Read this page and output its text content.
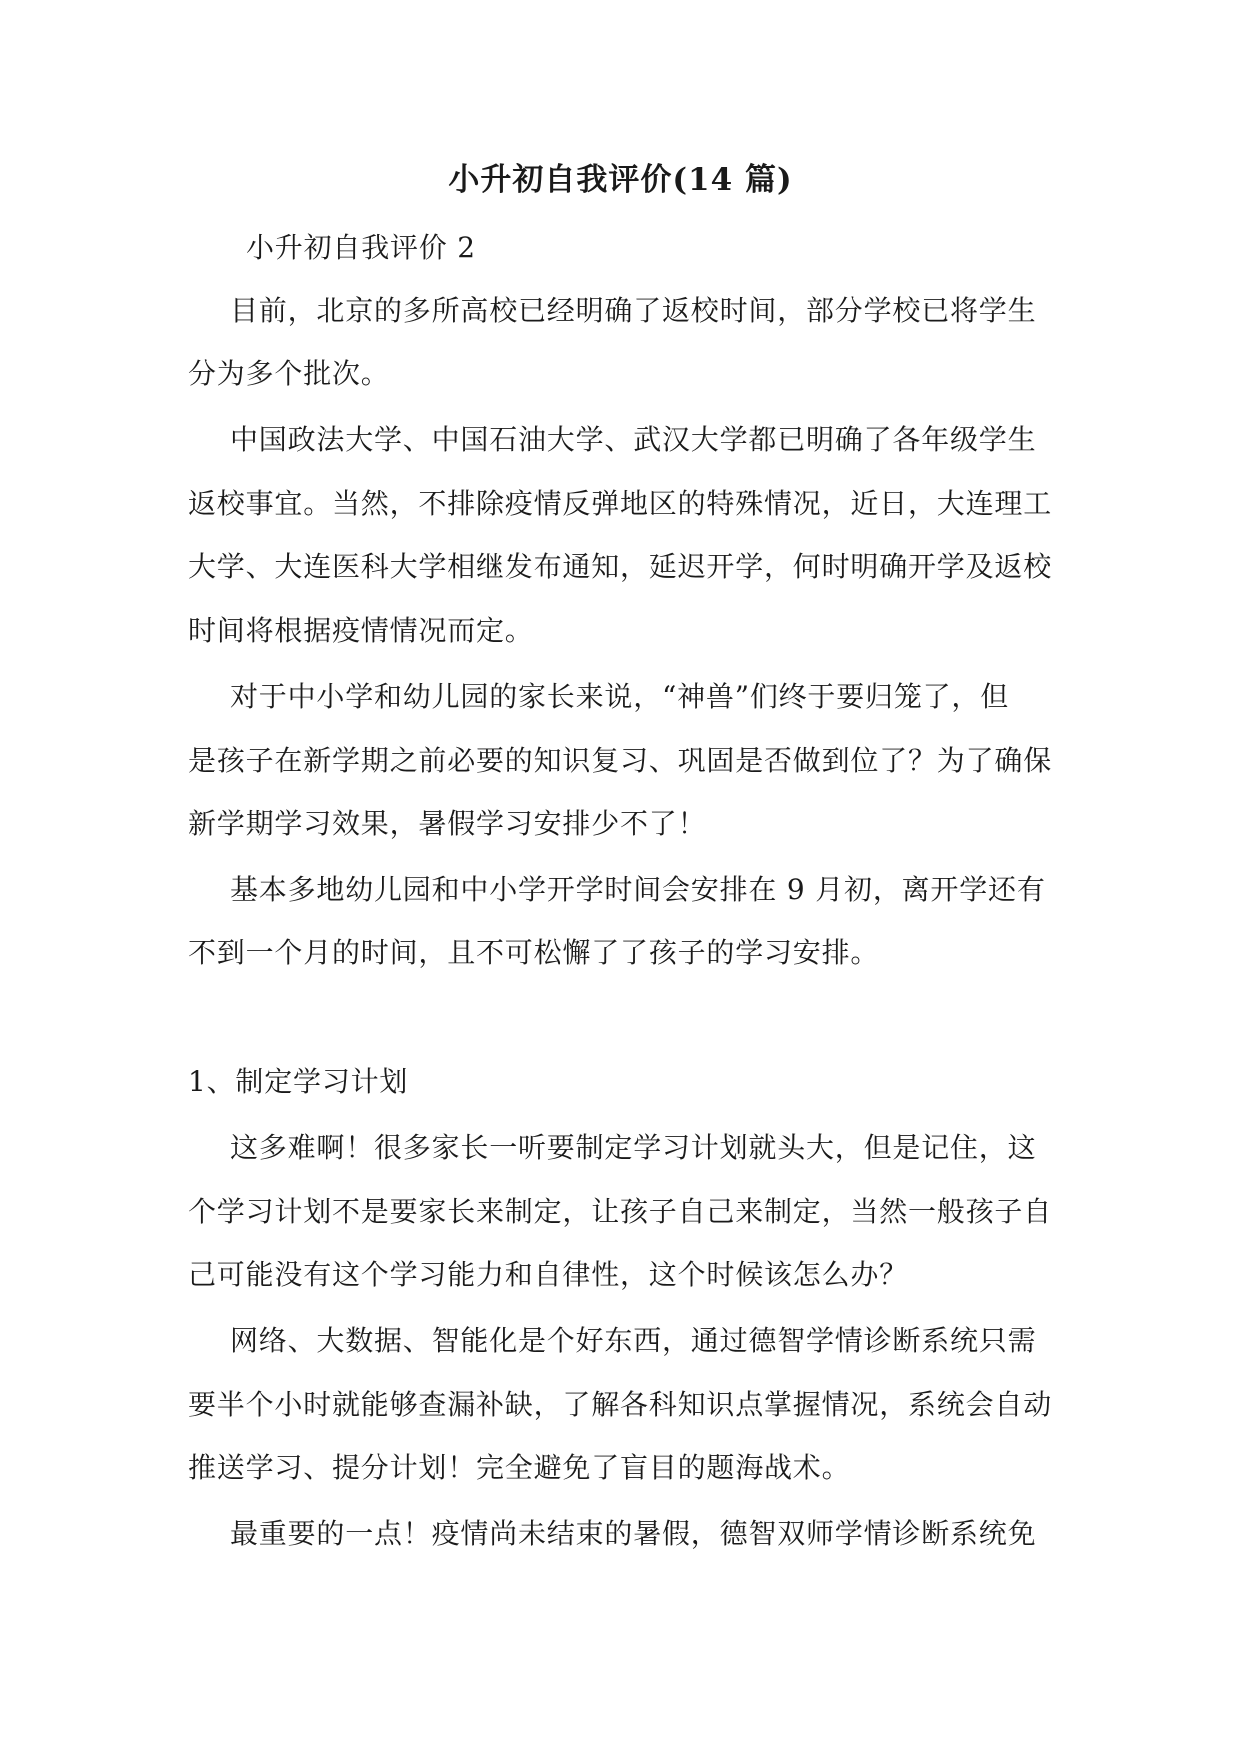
小升初自我评价(14 篇)
小升初自我评价 2
目前，北京的多所高校已经明确了返校时间，部分学校已将学生
分为多个批次。
中国政法大学、中国石油大学、武汉大学都已明确了各年级学生
返校事宜。当然，不排除疫情反弹地区的特殊情况，近日，大连理工
大学、大连医科大学相继发布通知，延迟开学，何时明确开学及返校
时间将根据疫情情况而定。
对于中小学和幼儿园的家长来说，“神兽”们终于要归笼了，但
是孩子在新学期之前必要的知识复习、巩固是否做到位了？为了确保
新学期学习效果，暑假学习安排少不了！
基本多地幼儿园和中小学开学时间会安排在 9 月初，离开学还有
不到一个月的时间，且不可松懈了了孩子的学习安排。
1、制定学习计划
这多难啊！很多家长一听要制定学习计划就头大，但是记住，这
个学习计划不是要家长来制定，让孩子自己来制定，当然一般孩子自
己可能没有这个学习能力和自律性，这个时候该怎么办？
网络、大数据、智能化是个好东西，通过德智学情诊断系统只需
要半个小时就能够查漏补缺，了解各科知识点掌握情况，系统会自动
推送学习、提分计划！完全避免了盲目的题海战术。
最重要的一点！疫情尚未结束的暑假，德智双师学情诊断系统免
